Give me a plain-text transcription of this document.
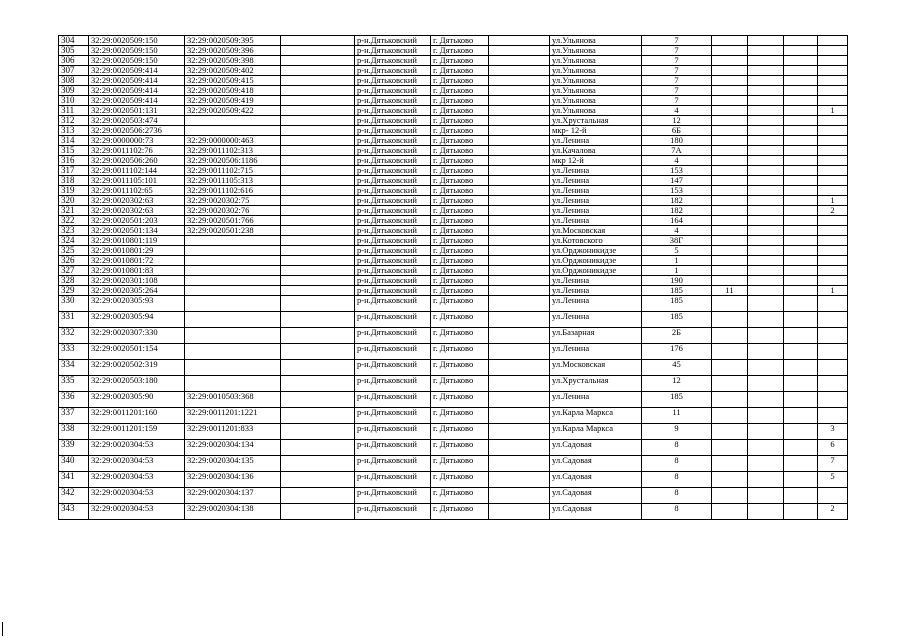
304	32:29:0020509:150	32:29:0020509:395		р-н.Дятьковский	г. Дятьково		ул.Ульянова	7				
305	32:29:0020509:150	32:29:0020509:396		р-н.Дятьковский	г. Дятьково		ул.Ульянова	7				
306	32:29:0020509:150	32:29:0020509:398		р-н.Дятьковский	г. Дятьково		ул.Ульянова	7				
307	32:29:0020509:414	32:29:0020509:402		р-н.Дятьковский	г. Дятьково		ул.Ульянова	7				
308	32:29:0020509:414	32:29:0020509:415		р-н.Дятьковский	г. Дятьково		ул.Ульянова	7				
309	32:29:0020509:414	32:29:0020509:418		р-н.Дятьковский	г. Дятьково		ул.Ульянова	7				
310	32:29:0020509:414	32:29:0020509:419		р-н.Дятьковский	г. Дятьково		ул.Ульянова	7				
311	32:29:0020501:131	32:29:0020509:422		р-н.Дятьковский	г. Дятьково		ул.Ульянова	4				1
312	32:29:0020503:474			р-н.Дятьковский	г. Дятьково		ул.Хрустальная	12				
313	32:29:0020506:2736			р-н.Дятьковский	г. Дятьково		мкр- 12-й	6Б				
314	32:29:0000000:73	32:29:0000000:463		р-н.Дятьковский	г. Дятьково		ул.Ленина	180				
315	32:29:0011102:76	32:29:0011102:313		р-н.Дятьковский	г. Дятьково		ул.Качалова	7А				
316	32:29:0020506:260	32:29:0020506:1186		р-н.Дятьковский	г. Дятьково		мкр 12-й	4				
317	32:29:0011102:144	32:29:0011102:715		р-н.Дятьковский	г. Дятьково		ул.Ленина	153				
318	32:29:0011105:101	32:29:0011105:313		р-н.Дятьковский	г. Дятьково		ул.Ленина	147				
319	32:29:0011102:65	32:29:0011102:616		р-н.Дятьковский	г. Дятьково		ул.Ленина	153				
320	32:29:0020302:63	32:29:0020302:75		р-н.Дятьковский	г. Дятьково		ул.Ленина	182				1
321	32:29:0020302:63	32:29:0020302:76		р-н.Дятьковский	г. Дятьково		ул.Ленина	182				2
322	32:29:0020501:203	32:29:0020501:766		р-н.Дятьковский	г. Дятьково		ул.Ленина	164				
323	32:29:0020501:134	32:29:0020501:238		р-н.Дятьковский	г. Дятьково		ул.Московская	4				
324	32:29:0010801:119			р-н.Дятьковский	г. Дятьково		ул.Котовского	38Г				
325	32:29:0010801:29			р-н.Дятьковский	г. Дятьково		ул.Орджоникидзе	5				
326	32:29:0010801:72			р-н.Дятьковский	г. Дятьково		ул.Орджоникидзе	1				
327	32:29:0010801:83			р-н.Дятьковский	г. Дятьково		ул.Орджоникидзе	1				
328	32:29:0020301:108			р-н.Дятьковский	г. Дятьково		ул.Ленина	190				
329	32:29:0020305:264			р-н.Дятьковский	г. Дятьково		ул.Ленина	185	11			1
330	32:29:0020305:93			р-н.Дятьковский	г. Дятьково		ул.Ленина	185				
331	32:29:0020305:94			р-н.Дятьковский	г. Дятьково		ул.Ленина	185				
332	32:29:0020307:330			р-н.Дятьковский	г. Дятьково		ул.Базарная	2Б				
333	32:29:0020501:154			р-н.Дятьковский	г. Дятьково		ул.Ленина	176				
334	32:29:0020502:319			р-н.Дятьковский	г. Дятьково		ул.Московская	45				
335	32:29:0020503:180			р-н.Дятьковский	г. Дятьково		ул.Хрустальная	12				
336	32:29:0020305:90	32:29:0010503:368		р-н.Дятьковский	г. Дятьково		ул.Ленина	185				
337	32:29:0011201:160	32:29:0011201:1221		р-н.Дятьковский	г. Дятьково		ул.Карла Маркса	11				
338	32:29:0011201:159	32:29:0011201:833		р-н.Дятьковский	г. Дятьково		ул.Карла Маркса	9				3
339	32:29:0020304:53	32:29:0020304:134		р-н.Дятьковский	г. Дятьково		ул.Садовая	8				6
340	32:29:0020304:53	32:29:0020304:135		р-н.Дятьковский	г. Дятьково		ул.Садовая	8				7
341	32:29:0020304:53	32:29:0020304:136		р-н.Дятьковский	г. Дятьково		ул.Садовая	8				5
342	32:29:0020304:53	32:29:0020304:137		р-н.Дятьковский	г. Дятьково		ул.Садовая	8				
343	32:29:0020304:53	32:29:0020304:138		р-н.Дятьковский	г. Дятьково		ул.Садовая	8				2
